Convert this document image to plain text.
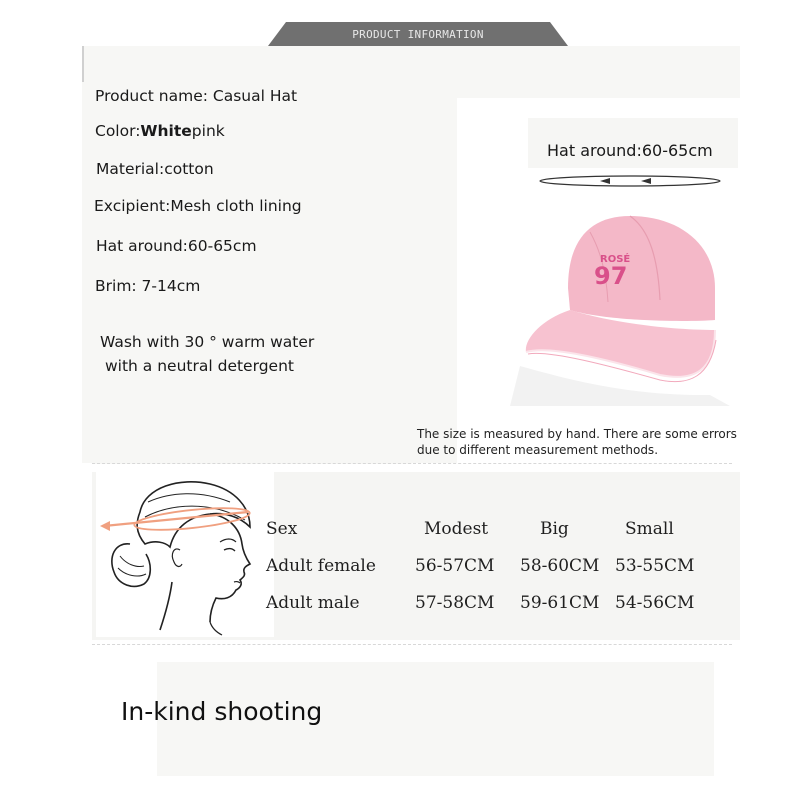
PRODUCT INFORMATION
Product name: Casual Hat
Color:Whitepink
Material:cotton
Excipient:Mesh cloth lining
Hat around:60-65cm
Brim: 7-14cm
Wash with 30 ° warm water
with a neutral detergent
Hat around:60-65cm
ROSÉ
97
The size is measured by hand. There are some errors
due to different measurement methods.
Sex	Modest	Big	Small
Adult female 56-57CM 58-60CM 53-55CM
Adult male	57-58CM 59-61CM 54-56CM
In-kind shooting
